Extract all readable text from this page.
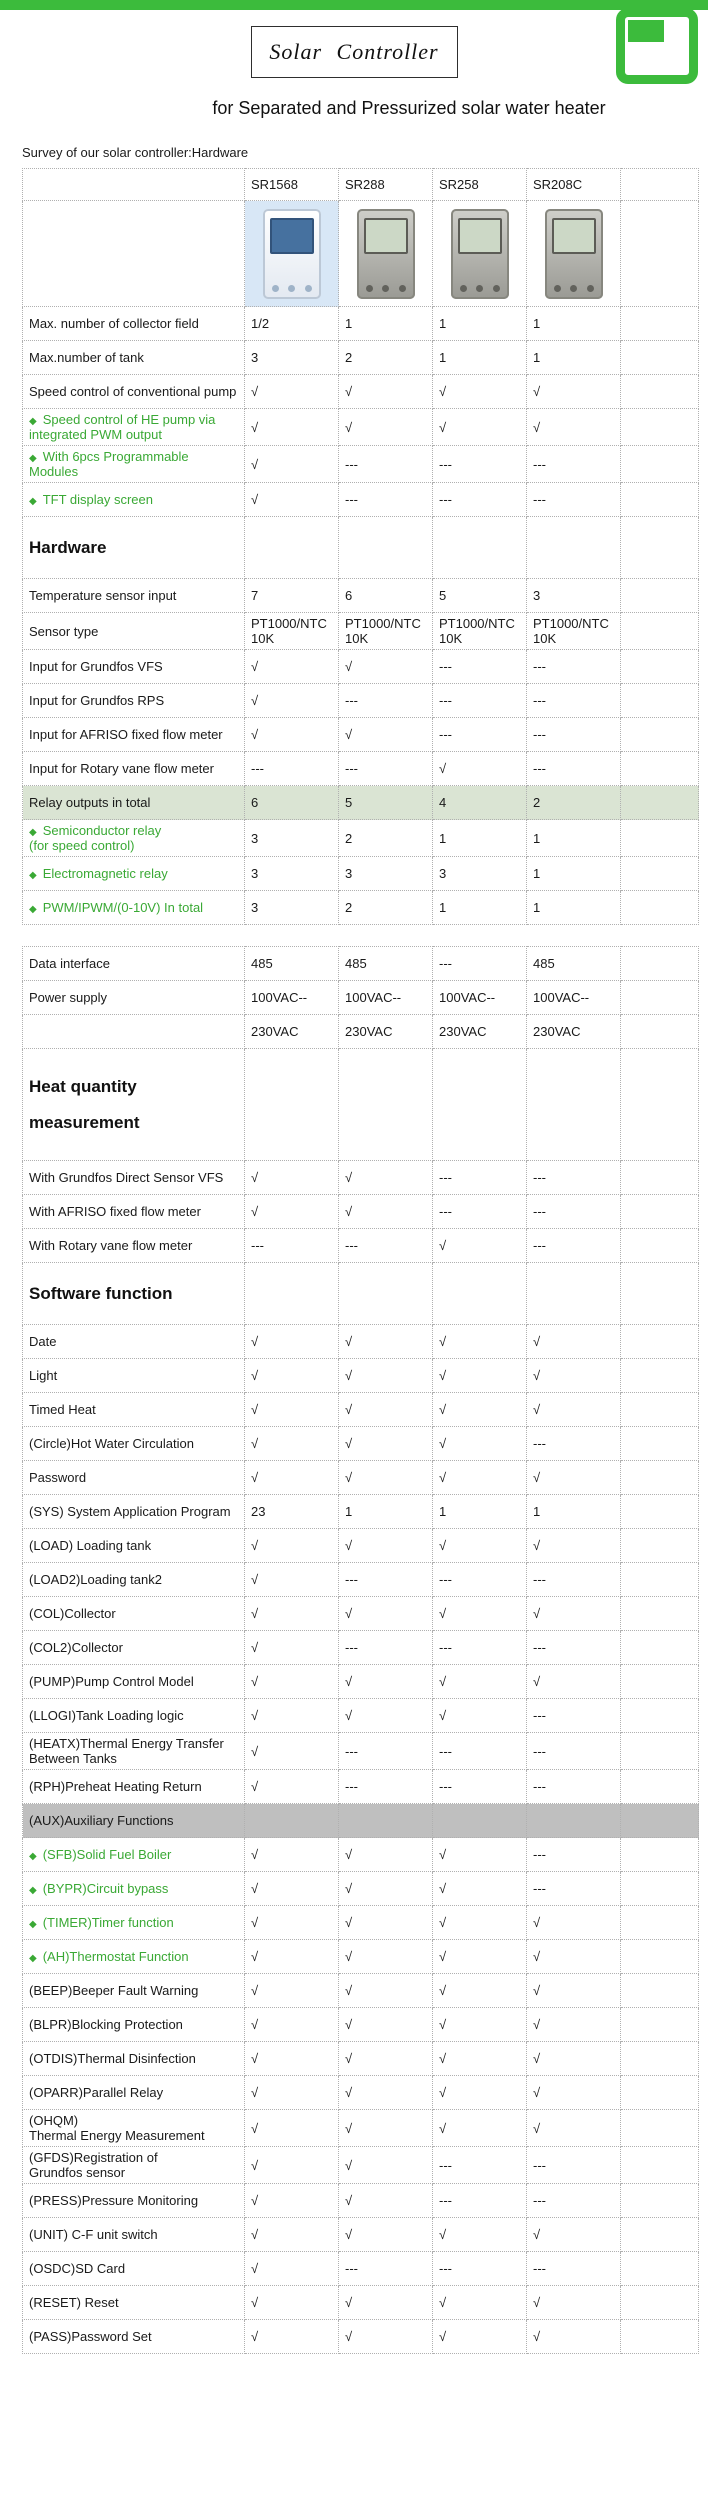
Solar Controller
for Separated and Pressurized solar water heater
Survey of our solar controller:Hardware
	SR1568	SR288	SR258	SR208C	

Max. number of collector field	1/2	1	1	1	
Max.number of tank	3	2	1	1	
Speed control of conventional pump	√	√	√	√	
◆ Speed control of HE pump via integrated PWM output	√	√	√	√	
◆ With 6pcs Programmable Modules	√	---	---	---	
◆ TFT display screen	√	---	---	---	
Hardware					
Temperature sensor input	7	6	5	3	
Sensor type	PT1000/NTC10K	PT1000/NTC10K	PT1000/NTC10K	PT1000/NTC10K	
Input for Grundfos VFS	√	√	---	---	
Input for Grundfos RPS	√	---	---	---	
Input for AFRISO fixed flow meter	√	√	---	---	
Input for Rotary vane flow meter	---	---	√	---	
Relay outputs in total	6	5	4	2	
◆ Semiconductor relay
(for speed control)	3	2	1	1	
◆ Electromagnetic relay	3	3	3	1	
◆ PWM/IPWM/(0-10V) In total	3	2	1	1	

Data interface	485	485	---	485	
Power supply	100VAC--	100VAC--	100VAC--	100VAC--	
	230VAC	230VAC	230VAC	230VAC	
Heat quantity
measurement					

With Grundfos Direct Sensor VFS	√	√	---	---	
With AFRISO fixed flow meter	√	√	---	---	
With Rotary vane flow meter	---	---	√	---	
Software function					
Date	√	√	√	√	
Light	√	√	√	√	
Timed Heat	√	√	√	√	
(Circle)Hot Water Circulation	√	√	√	---	
Password	√	√	√	√	
(SYS) System Application Program	23	1	1	1	
(LOAD) Loading tank	√	√	√	√	
(LOAD2)Loading tank2	√	---	---	---	
(COL)Collector	√	√	√	√	
(COL2)Collector	√	---	---	---	
(PUMP)Pump Control Model	√	√	√	√	
(LLOGI)Tank Loading logic	√	√	√	---	
(HEATX)Thermal Energy Transfer Between Tanks	√	---	---	---	
(RPH)Preheat Heating Return	√	---	---	---	
(AUX)Auxiliary Functions					
◆ (SFB)Solid Fuel Boiler	√	√	√	---	
◆ (BYPR)Circuit bypass	√	√	√	---	
◆ (TIMER)Timer function	√	√	√	√	
◆ (AH)Thermostat Function	√	√	√	√	
(BEEP)Beeper Fault Warning	√	√	√	√	
(BLPR)Blocking Protection	√	√	√	√	
(OTDIS)Thermal Disinfection	√	√	√	√	
(OPARR)Parallel Relay	√	√	√	√	
(OHQM)
Thermal Energy Measurement	√	√	√	√	
(GFDS)Registration of
Grundfos sensor	√	√	---	---	
(PRESS)Pressure Monitoring	√	√	---	---	
(UNIT) C-F unit switch	√	√	√	√	
(OSDC)SD Card	√	---	---	---	
(RESET) Reset	√	√	√	√	
(PASS)Password Set	√	√	√	√	
